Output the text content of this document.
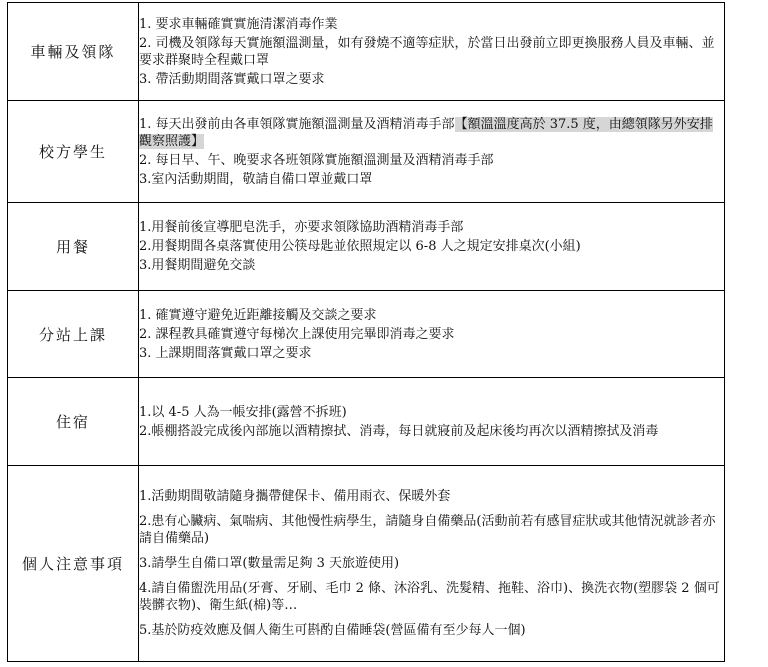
車輛及領隊	1. 要求車輛確實實施清潔消毒作業
2. 司機及領隊每天實施額溫測量，如有發燒不適等症狀，於當日出發前立即更換服務人員及車輛、並要求群聚時全程戴口罩
3. 帶活動期間落實戴口罩之要求

校方學生	1. 每天出發前由各車領隊實施額溫測量及酒精消毒手部【額溫溫度高於 37.5 度，由總領隊另外安排觀察照護】
2. 每日早、午、晚要求各班領隊實施額溫測量及酒精消毒手部
3.室內活動期間，敬請自備口罩並戴口罩

用餐	1.用餐前後宣導肥皂洗手，亦要求領隊協助酒精消毒手部
2.用餐期間各桌落實使用公筷母匙並依照規定以 6-8 人之規定安排桌次(小組)
3.用餐期間避免交談

分站上課	1. 確實遵守避免近距離接觸及交談之要求
2. 課程教具確實遵守每梯次上課使用完畢即消毒之要求
3. 上課期間落實戴口罩之要求

住宿	1.以 4-5 人為一帳安排(露營不拆班)
2.帳棚搭設完成後內部施以酒精擦拭、消毒，每日就寢前及起床後均再次以酒精擦拭及消毒

個人注意事項	1.活動期間敬請隨身攜帶健保卡、備用雨衣、保暖外套
2.患有心臟病、氣喘病、其他慢性病學生，請隨身自備藥品(活動前若有感冒症狀或其他情況就診者亦請自備藥品)
3.請學生自備口罩(數量需足夠 3 天旅遊使用)
4.請自備盥洗用品(牙膏、牙刷、毛巾 2 條、沐浴乳、洗髮精、拖鞋、浴巾)、換洗衣物(塑膠袋 2 個可裝髒衣物)、衛生紙(棉)等…
5.基於防疫效應及個人衛生可斟酌自備睡袋(營區備有至少每人一個)
